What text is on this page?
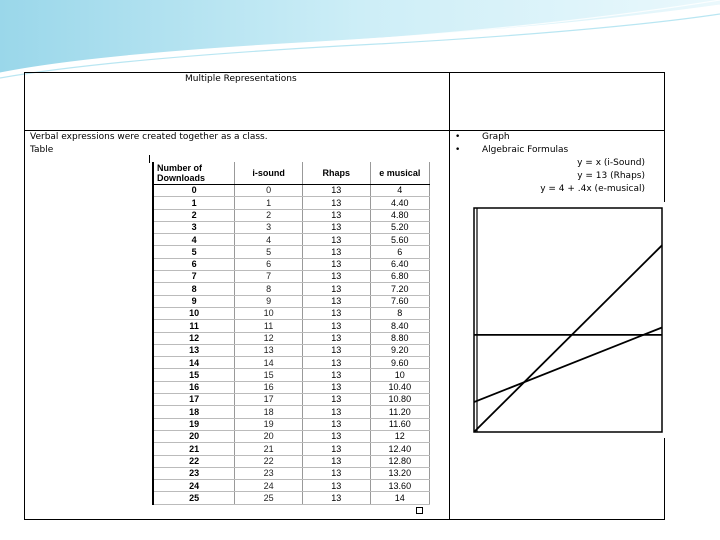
Multiple Representations
Verbal expressions were created together as a class.
Table
• Graph
• Algebraic Formulas
y = x (i-Sound)
y = 13 (Rhaps)
y = 4 + .4x (e-musical)
Number of Downloads	i-sound	Rhaps	e musical

0	0	13	4
1	1	13	4.40
2	2	13	4.80
3	3	13	5.20
4	4	13	5.60
5	5	13	6
6	6	13	6.40
7	7	13	6.80
8	8	13	7.20
9	9	13	7.60
10	10	13	8
11	11	13	8.40
12	12	13	8.80
13	13	13	9.20
14	14	13	9.60
15	15	13	10
16	16	13	10.40
17	17	13	10.80
18	18	13	11.20
19	19	13	11.60
20	20	13	12
21	21	13	12.40
22	22	13	12.80
23	23	13	13.20
24	24	13	13.60
25	25	13	14
